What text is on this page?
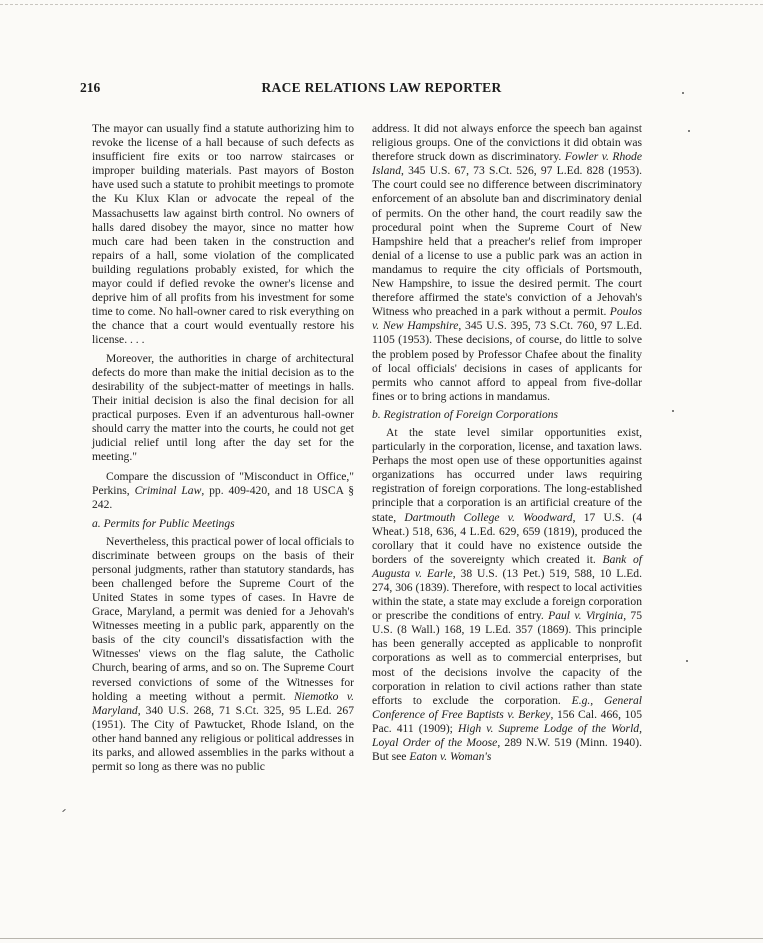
216	RACE RELATIONS LAW REPORTER

The mayor can usually find a statute authorizing him to revoke the license of a hall because of such defects as insufficient fire exits or too narrow staircases or improper building materials. Past mayors of Boston have used such a statute to prohibit meetings to promote the Ku Klux Klan or advocate the repeal of the Massachusetts law against birth control. No owners of halls dared disobey the mayor, since no matter how much care had been taken in the construction and repairs of a hall, some violation of the complicated building regulations probably existed, for which the mayor could if defied revoke the owner's license and deprive him of all profits from his investment for some time to come. No hall-owner cared to risk everything on the chance that a court would eventually restore his license. . . .

Moreover, the authorities in charge of architectural defects do more than make the initial decision as to the desirability of the subject-matter of meetings in halls. Their initial decision is also the final decision for all practical purposes. Even if an adventurous hall-owner should carry the matter into the courts, he could not get judicial relief until long after the day set for the meeting."

Compare the discussion of "Misconduct in Office," Perkins, Criminal Law, pp. 409-420, and 18 USCA § 242.

a. Permits for Public Meetings

Nevertheless, this practical power of local officials to discriminate between groups on the basis of their personal judgments, rather than statutory standards, has been challenged before the Supreme Court of the United States in some types of cases. In Havre de Grace, Maryland, a permit was denied for a Jehovah's Witnesses meeting in a public park, apparently on the basis of the city council's dissatisfaction with the Witnesses' views on the flag salute, the Catholic Church, bearing of arms, and so on. The Supreme Court reversed convictions of some of the Witnesses for holding a meeting without a permit. Niemotko v. Maryland, 340 U.S. 268, 71 S.Ct. 325, 95 L.Ed. 267 (1951). The City of Pawtucket, Rhode Island, on the other hand banned any religious or political addresses in its parks, and allowed assemblies in the parks without a permit so long as there was no public

address. It did not always enforce the speech ban against religious groups. One of the convictions it did obtain was therefore struck down as discriminatory. Fowler v. Rhode Island, 345 U.S. 67, 73 S.Ct. 526, 97 L.Ed. 828 (1953). The court could see no difference between discriminatory enforcement of an absolute ban and discriminatory denial of permits. On the other hand, the court readily saw the procedural point when the Supreme Court of New Hampshire held that a preacher's relief from improper denial of a license to use a public park was an action in mandamus to require the city officials of Portsmouth, New Hampshire, to issue the desired permit. The court therefore affirmed the state's conviction of a Jehovah's Witness who preached in a park without a permit. Poulos v. New Hampshire, 345 U.S. 395, 73 S.Ct. 760, 97 L.Ed. 1105 (1953). These decisions, of course, do little to solve the problem posed by Professor Chafee about the finality of local officials' decisions in cases of applicants for permits who cannot afford to appeal from five-dollar fines or to bring actions in mandamus.

b. Registration of Foreign Corporations

At the state level similar opportunities exist, particularly in the corporation, license, and taxation laws. Perhaps the most open use of these opportunities against organizations has occurred under laws requiring registration of foreign corporations. The long-established principle that a corporation is an artificial creature of the state, Dartmouth College v. Woodward, 17 U.S. (4 Wheat.) 518, 636, 4 L.Ed. 629, 659 (1819), produced the corollary that it could have no existence outside the borders of the sovereignty which created it. Bank of Augusta v. Earle, 38 U.S. (13 Pet.) 519, 588, 10 L.Ed. 274, 306 (1839). Therefore, with respect to local activities within the state, a state may exclude a foreign corporation or prescribe the conditions of entry. Paul v. Virginia, 75 U.S. (8 Wall.) 168, 19 L.Ed. 357 (1869). This principle has been generally accepted as applicable to nonprofit corporations as well as to commercial enterprises, but most of the decisions involve the capacity of the corporation in relation to civil actions rather than state efforts to exclude the corporation. E.g., General Conference of Free Baptists v. Berkey, 156 Cal. 466, 105 Pac. 411 (1909); High v. Supreme Lodge of the World, Loyal Order of the Moose, 289 N.W. 519 (Minn. 1940). But see Eaton v. Woman's
